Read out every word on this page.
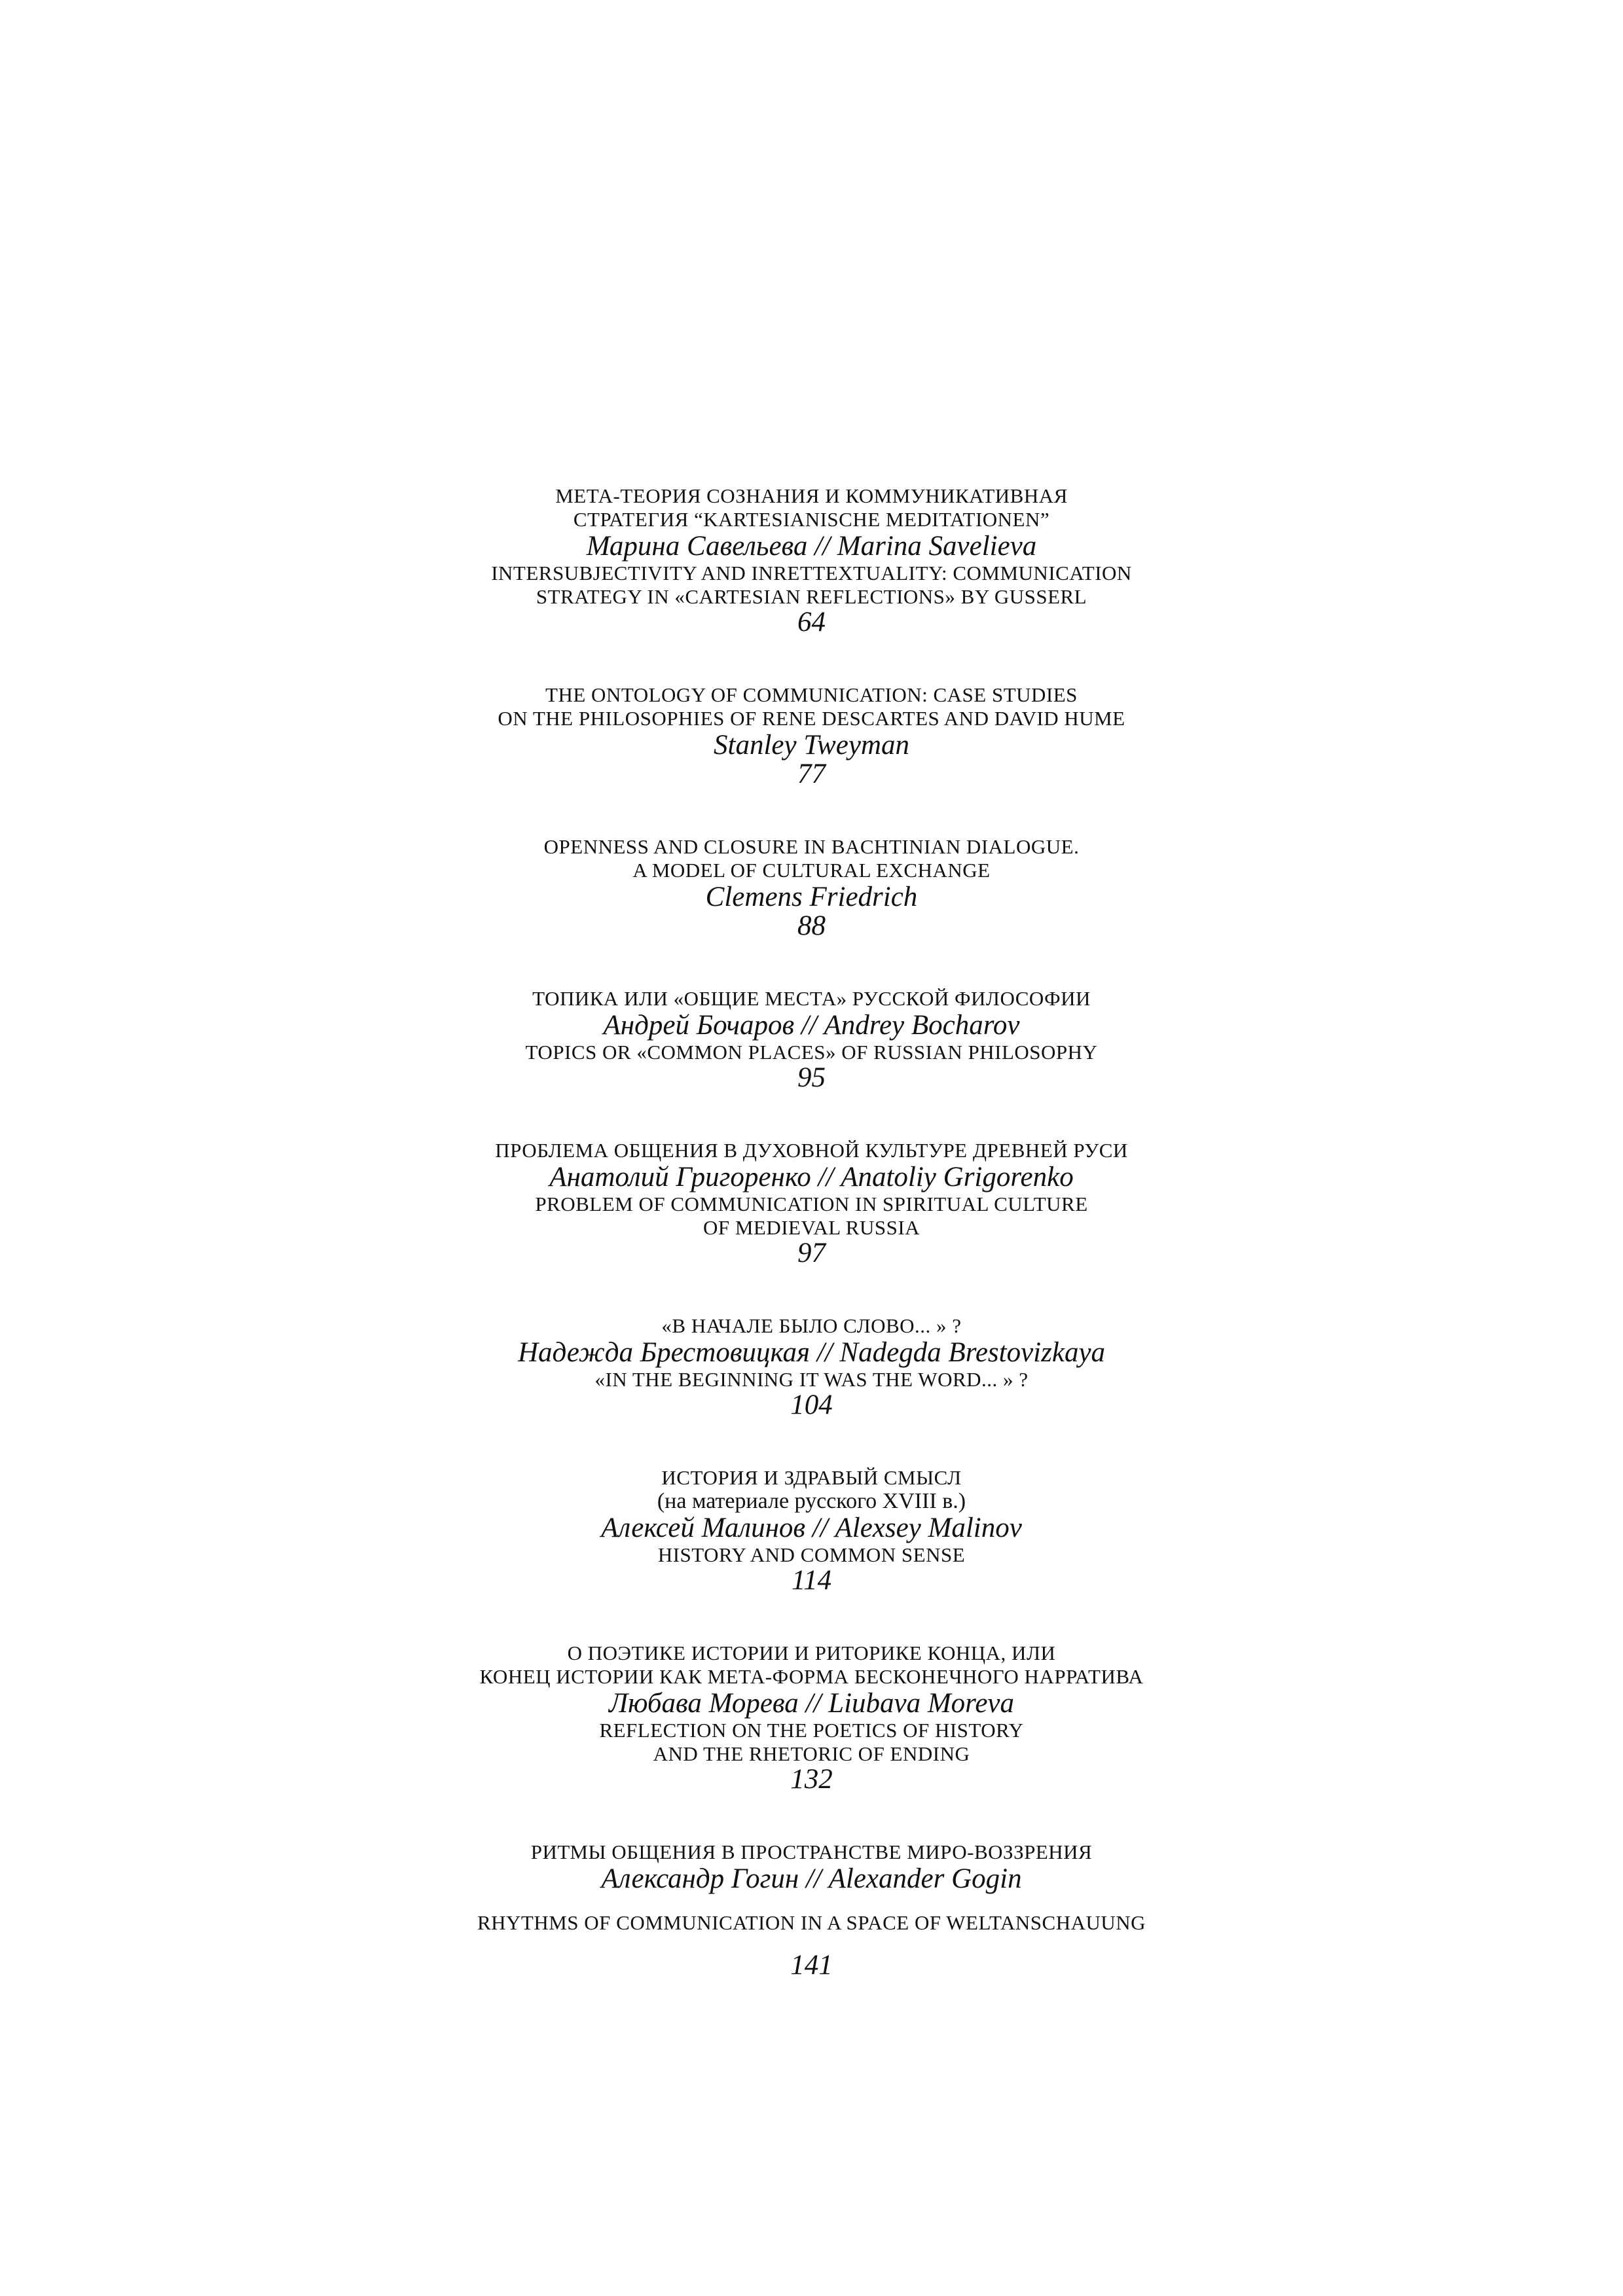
МЕТА-ТЕОРИЯ СОЗНАНИЯ И КОММУНИКАТИВНАЯ
СТРАТЕГИЯ “KARTESIANISCHE MEDITATIONEN”
Марина Савельева // Marina Savelieva
INTERSUBJECTIVITY AND INRETTEXTUALITY: COMMUNICATION
STRATEGY IN «CARTESIAN REFLECTIONS» BY GUSSERL
64
THE ONTOLOGY OF COMMUNICATION: CASE STUDIES
ON THE PHILOSOPHIES OF RENE DESCARTES AND DAVID HUME
Stanley Tweyman
77
OPENNESS AND CLOSURE IN BACHTINIAN DIALOGUE.
A MODEL OF CULTURAL EXCHANGE
Clemens Friedrich
88
ТОПИКА ИЛИ «ОБЩИЕ МЕСТА» РУССКОЙ ФИЛОСОФИИ
Андрей Бочаров // Andrey Bocharov
TOPICS OR «COMMON PLACES» OF RUSSIAN PHILOSOPHY
95
ПРОБЛЕМА ОБЩЕНИЯ В ДУХОВНОЙ КУЛЬТУРЕ ДРЕВНЕЙ РУСИ
Анатолий Григоренко // Anatoliy Grigorenko
PROBLEM OF COMMUNICATION IN SPIRITUAL CULTURE
OF MEDIEVAL RUSSIA
97
«В НАЧАЛЕ БЫЛО СЛОВО... » ?
Надежда Брестовицкая // Nadegda Brestovizkaya
«IN THE BEGINNING IT WAS THE WORD... » ?
104
ИСТОРИЯ И ЗДРАВЫЙ СМЫСЛ
(на материале русского XVIII в.)
Алексей Малинов // Alexsey Malinov
HISTORY AND COMMON SENSE
114
О ПОЭТИКЕ ИСТОРИИ И РИТОРИКЕ КОНЦА, ИЛИ
КОНЕЦ ИСТОРИИ КАК МЕТА-ФОРМА БЕСКОНЕЧНОГО НАРРАТИВА
Любава Морева // Liubava Moreva
REFLECTION ON THE POETICS OF HISTORY
AND THE RHETORIC OF ENDING
132
РИТМЫ ОБЩЕНИЯ В ПРОСТРАНСТВЕ МИРО-ВОЗЗРЕНИЯ
Александр Гогин // Alexander Gogin
RHYTHMS OF COMMUNICATION IN A SPACE OF WELTANSCHAUUNG
141
